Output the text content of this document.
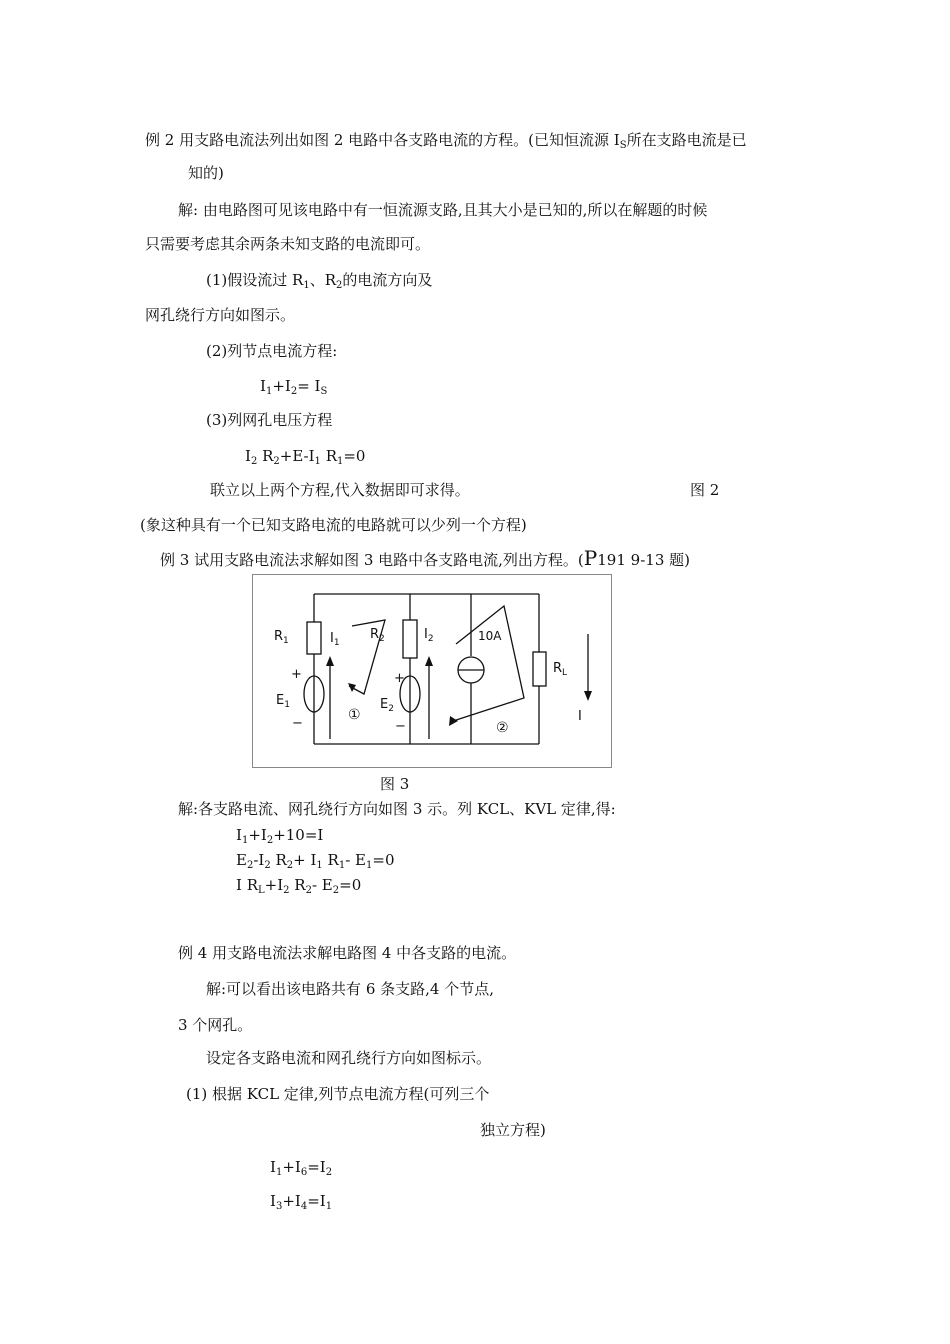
例 2 用支路电流法列出如图 2 电路中各支路电流的方程。(已知恒流源 $I_S$所在支路电流是已
知的)
解: 由电路图可见该电路中有一恒流源支路,且其大小是已知的,所以在解题的时候
只需要考虑其余两条未知支路的电流即可。
(1)假设流过 $R_1$、$R_2$的电流方向及
网孔绕行方向如图示。
(2)列节点电流方程:
$I_1+I_2= I_S$
(3)列网孔电压方程
$I_2$ $R_2+E-I_1$ $R_1=0$
联立以上两个方程,代入数据即可求得。	图 2
(象这种具有一个已知支路电流的电路就可以少列一个方程)
例 3 试用支路电流法求解如图 3 电路中各支路电流,列出方程。(P191 9-13 题)
$R_1$	$I_1$
$R_2$	$I_2$	10A
$R_L$
$E_1$	$E_2$	I
+
−
+
−
①
②
图 3
解:各支路电流、网孔绕行方向如图 3 示。列 KCL、KVL 定律,得:
$I_1+I_2+10=I$
$E_2-I_2$ $R_2+ I_1$ $R_1-$ $E_1=0$
I $R_L+I_2$ $R_2-$ $E_2=0$
例 4 用支路电流法求解电路图 4 中各支路的电流。
解:可以看出该电路共有 6 条支路,4 个节点,
3 个网孔。
设定各支路电流和网孔绕行方向如图标示。
(1) 根据 KCL 定律,列节点电流方程(可列三个
独立方程)
$I_1+I_6=I_2$
$I_3+I_4=I_1$
